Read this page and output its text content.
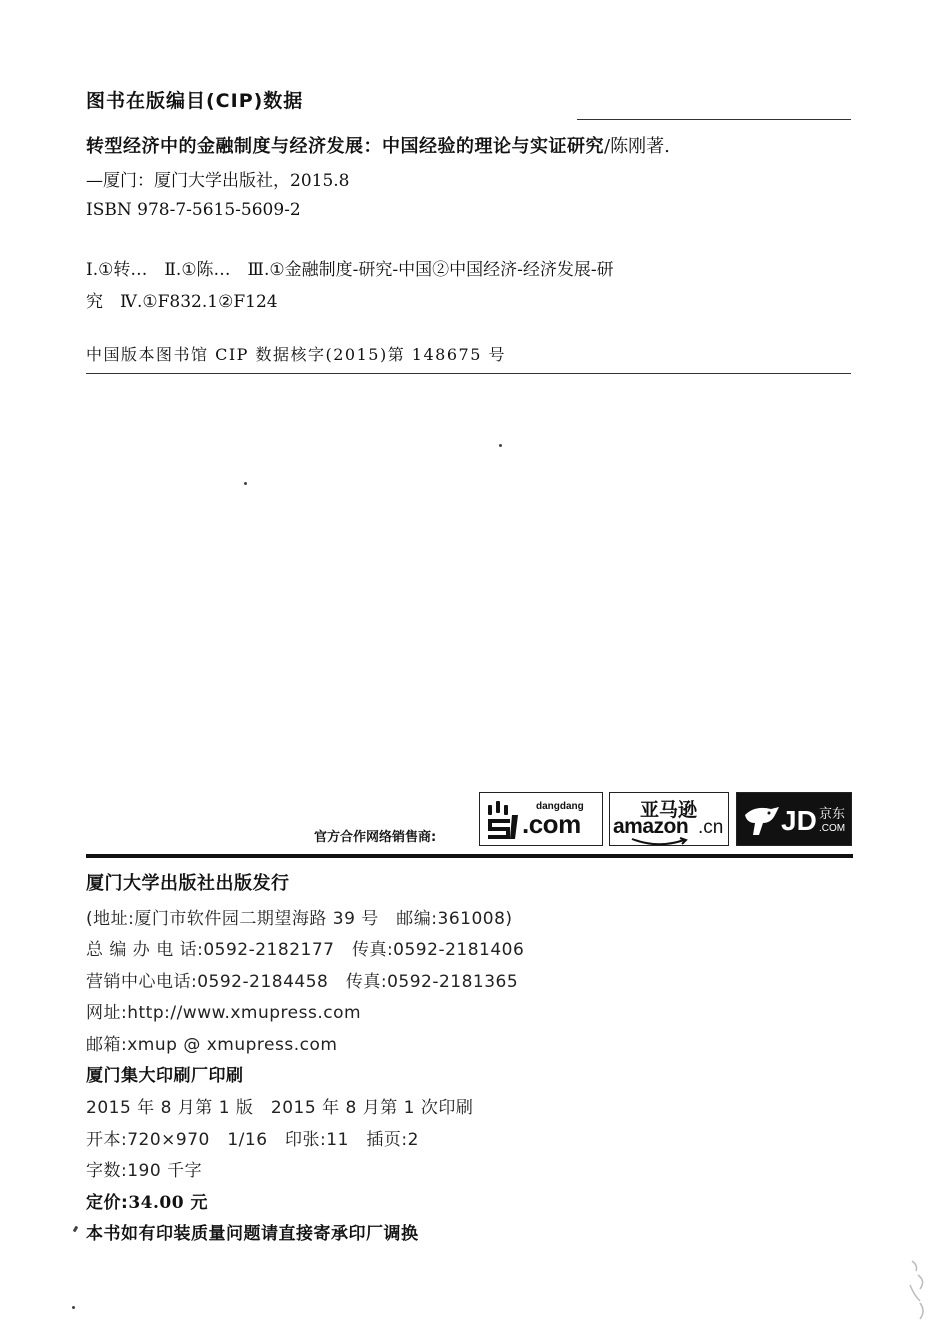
图书在版编目(CIP)数据
转型经济中的金融制度与经济发展：中国经验的理论与实证研究/陈刚著.
—厦门：厦门大学出版社，2015.8
ISBN 978-7-5615-5609-2
Ⅰ.①转…　Ⅱ.①陈…　Ⅲ.①金融制度-研究-中国②中国经济-经济发展-研
究　Ⅳ.①F832.1②F124
中国版本图书馆 CIP 数据核字(2015)第 148675 号
官方合作网络销售商:
dangdang
.com	亚马逊
amazon .cn JD 京东
.COM
厦门大学出版社出版发行
(地址:厦门市软件园二期望海路 39 号　邮编:361008)
总 编 办 电 话:0592-2182177　传真:0592-2181406
营销中心电话:0592-2184458　传真:0592-2181365
网址:http://www.xmupress.com
邮箱:xmup @ xmupress.com
厦门集大印刷厂印刷
2015 年 8 月第 1 版　2015 年 8 月第 1 次印刷
开本:720×970　1/16　印张:11　插页:2
字数:190 千字
定价:34.00 元
本书如有印装质量问题请直接寄承印厂调换
